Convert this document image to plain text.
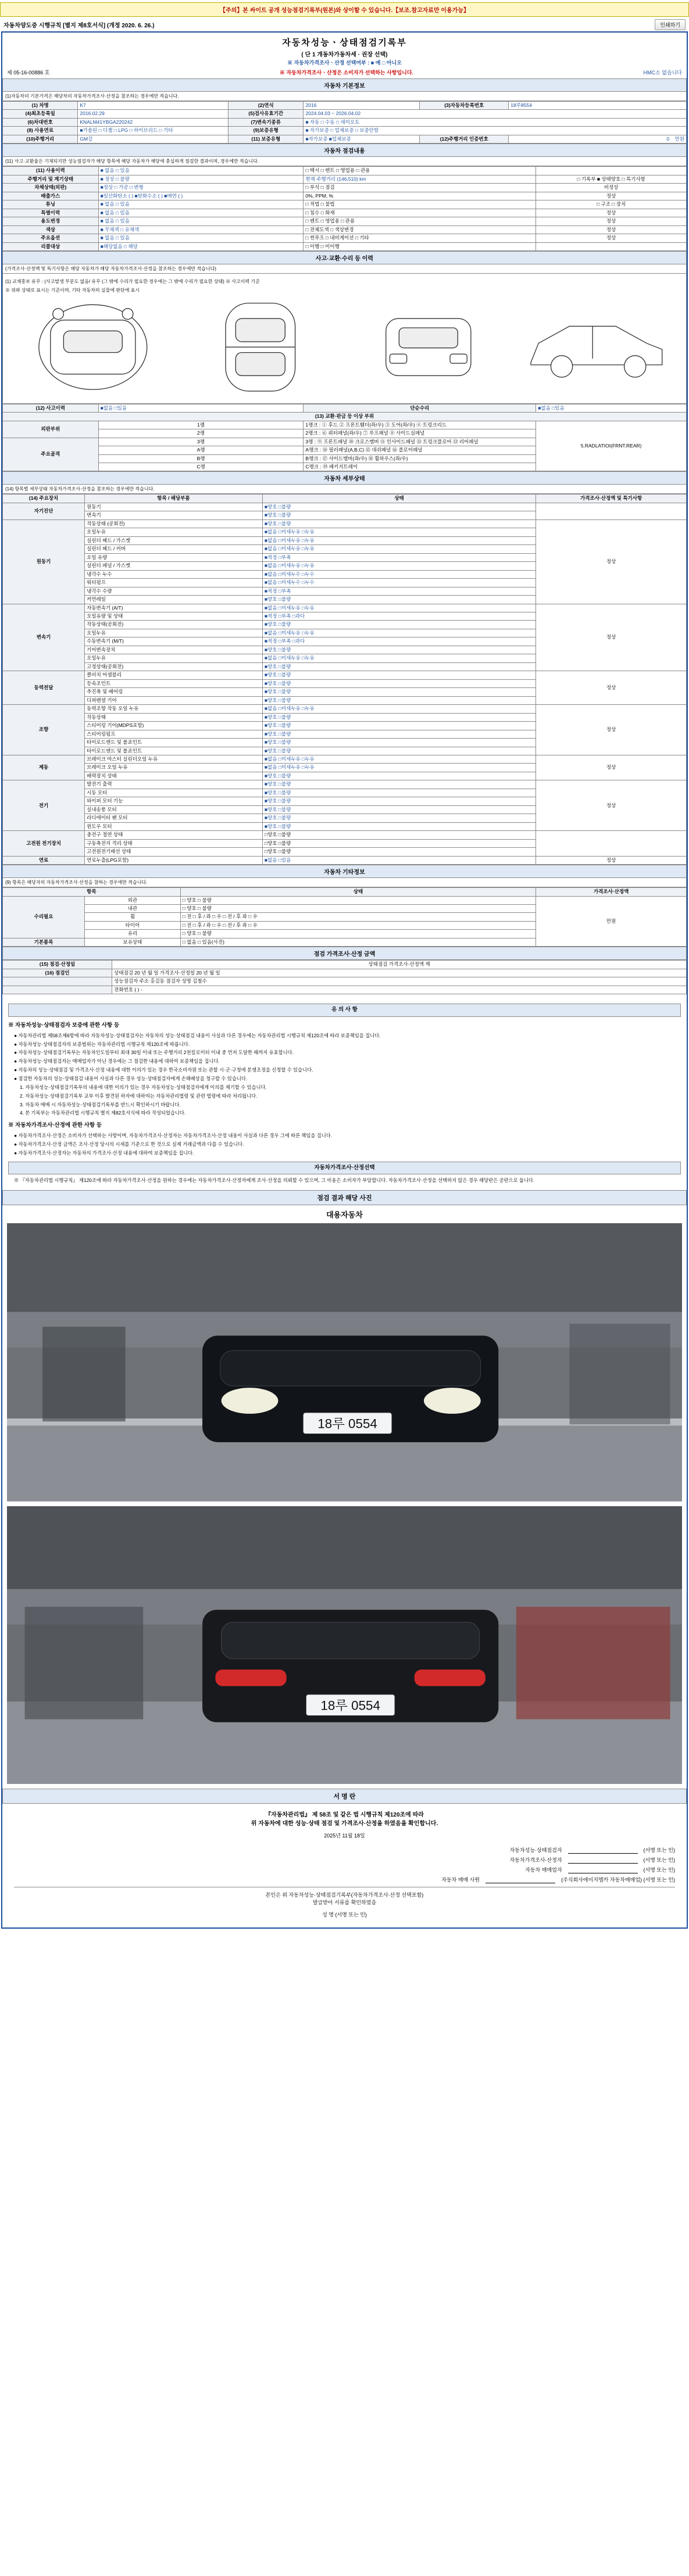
【주의】본 싸이트 공개 성능점검기록부(원본)와 상이할 수 있습니다.【보조.참고자료만 이용가능】
자동차양도증 시행규칙 [별지 제8호서식] (개정 2020. 6. 26.)	인쇄하기
자동차성능ㆍ상태점검기록부
( 단 1 개동차가동차세 · 권장 선택)
※ 자동차가격조사ㆍ산정 선택여부 : ■ 예 □ 아니오
제 05-16-00886 호	※ 자동차가격조사ㆍ산정은 소비자가 선택하는 사항입니다.	HMC소 없습니다
자동차 기본정보
(1)자동차의 기본가격은 해당차의 자동차가격조사·산정을 참조하는 경우에만 적습니다.
(1) 차명	K7	(2)연식	2016	(3)자동차등록번호	18루8554
(4)최초등록일	2016.02.29	(5)검사유효기간	2024.04.03 ~ 2026.04.02		
(6)차대번호	KNALM41YBGA220242	(7)변속기종류	■ 자동 □ 수동 □ 세미오토		
(8) 사용연료	■가솔린 □ 디젤 □ LPG □ 하이브리드 □ 기타	(9)보증유형	■ 자가보증 □ 업체보증 □ 보증안함		
(10)주행거리	GM강	(11) 보증유형	■자가보증 ■업체보증	(12)주행거리 인증번호	0 만원
자동차 점검내용
(11) 사고·교환율은 기재되지만 성능점검자가 해당 항목에 해당 자동차가 해당에 충실하게 점검한 결과이며, 경우에만 적습니다.
(11) 사용이력	■ 없음 □ 있음	□ 택시 □ 렌트 □ 영업용 □ 관용	
주행거리 및 계기상태	■ 정상 □ 불량	현재 주행거리 (146,510) km	□ 기록부 ■ 상태양호 □ 특기사항
차체상태(외판)	■정상 □ 가공 □ 변형	□ 부식 □ 점검	비정상
배출가스	■일산화탄소 ( ) ■탄화수소 ( ) ■매연 ( )	0%, PPM, %	정상
튜닝	■ 없음 □ 있음	□ 적법 □ 불법	□ 구조 □ 장치
특별이력	■ 없음 □ 있음	□ 침수 □ 화재	정상
용도변경	■ 없음 □ 있음	□ 렌트 □ 영업용 □ 관용	정상
색상	■ 무채색 □ 유채색	□ 전체도색 □ 색상변경	정상
주요옵션	■ 없음 □ 있음	□ 썬루프 □ 내비게이션 □ 기타	정상
리콜대상	■해당없음 □ 해당	□ 이행 □ 미이행	
사고·교환·수리 등 이력
(가격조사·산정액 및 특기사항은 해당 자동차가 해당 자동차가격조사·산정을 참조하는 경우에만 적습니다)
(1) 교체홍보 유무 : (사고발생 부분도 없음/ 유무 (그 밖에 수리가 필요한 경우에는 그 밖에 수리가 필요한 상태) ※ 사고이력 기준
※ 위와 상태로 표시는 기준이며, 기타 자동차의 실물에 판단에 표시
(12) 사고이력	■없음 □있음	단순수리	■없음 □있음
(13) 교환·판금 등 이상 부위			
외판부위	1램	1랭크 : ① 후드 ② 프론트휀더(좌/우) ③ 도어(좌/우) ④ 트렁크리드	5.RADLATIOI(FRNT.REAR)
	2랭	2랭크 : ⑥ 쿼터패널(좌/우) ⑦ 루프패널 ⑧ 사이드실패널	
주요골격	3랭	3랭 : ⑨ 프론트패널 ⑩ 크로스멤버 ⑪ 인사이드패널 ⑫ 트렁크플로어 ⑬ 리어패널	
	A랭	A랭크 : ⑭ 필러패널(A,B,C) ⑮ 대쉬패널 ⑯ 플로어패널	
	B랭	B랭크 : ⑰ 사이드멤버(좌/우) ⑱ 휠하우스(좌/우)	
	C랭	C랭크 : ⑲ 패키지트레이	
자동차 세부상태
(14) 항목별 세부상태 자동차가격조사·산정을 참조하는 경우에만 적습니다.
(14) 주요장치	항목 / 해당부품	상태	가격조사·산정액 및 특기사항
자기진단	원동기	■양호 □불량	
	변속기	■양호 □불량	
원동기	작동상태 (공회전)	■양호 □불량	정상
	오일누유	■없음 □미세누유 □누유	
	실린더 헤드 / 가스켓	■없음 □미세누유 □누유	
	실린더 헤드 / 커버	■없음 □미세누유 □누유	
	오일 유량	■적정 □부족	
	실린더 패널 / 가스켓	■없음 □미세누유 □누유	
	냉각수 누수	■없음 □미세누수 □누수	
	워터펌프	■없음 □미세누수 □누수	
	냉각수 수량	■적정 □부족	
	커먼레일	■양호 □불량	
변속기	자동변속기 (A/T)	■없음 □미세누유 □누유	정상
	오일유량 및 상태	■적정 □부족 □과다	
	작동상태(공회전)	■양호 □불량	
	오일누유	■없음 □미세누유 □누유	
	수동변속기 (M/T)	■적정 □부족 □과다	
	기어변속장치	■양호 □불량	
	오일누유	■없음 □미세누유 □누유	
	고정상태(공회전)	■양호 □불량	
동력전달	클러치 어셈블리	■양호 □불량	정상
	등속조인트	■양호 □불량	
	추진축 및 베어링	■양호 □불량	
	디퍼렌셜 기어	■양호 □불량	
조향	동력조향 작동 오일 누유	■없음 □미세누유 □누유	정상
	작동상태	■양호 □불량	
	스티어링 기어(MDPS포함)	■양호 □불량	
	스티어링펌프	■양호 □불량	
	타이로드엔드 및 볼죠인트	■양호 □불량	
	타이로드엔드 및 볼죠인트	■양호 □불량	
제동	브레이크 마스터 실린더오일 누유	■없음 □미세누유 □누유	정상
	브레이크 오일 누유	■없음 □미세누유 □누유	
	배력장치 상태	■양호 □불량	
전기	발전기 출력	■양호 □불량	정상
	시동 모터	■양호 □불량	
	와이퍼 모터 기능	■양호 □불량	
	실내송풍 모터	■양호 □불량	
	라디에이터 팬 모터	■양호 □불량	
	윈도우 모터	■양호 □불량	
고전원 전기장치	충전구 절연 상태	□양호 □불량	
	구동축전지 격리 상태	□양호 □불량	
	고전원전기배선 상태	□양호 □불량	
연료	연료누출(LPG포함)	■없음 □있음	정상
자동차 기타정보
(9) 항목은 해당자의 자동차가격조사·산정을 참하는 경우에만 적습니다.
항목		상태	가격조사·산정액
수리필요	외관	□ 양호 □ 불량	만원
	내관	□ 양호 □ 불량	
	휠	□ 전 □ 후 / 좌 □ 우 □ 전 / 후 좌 □ 우	
	타이어	□ 전 □ 후 / 좌 □ 우 □ 전 / 후 좌 □ 우	
	유리	□ 양호 □ 불량	
기본품목	보유상태	□ 없음 □ 있음(사진)	
점검 가격조사·산정 금액
(15) 점검·산정일	상태점검 가격조사·산정액 계
(16) 점검인	상태점검 20 년 월 일 가격조사·산정일 20 년 월 일
	성능점검자 주소 홍길동 점검자 성명 김철수
	전화번호 ( ) -
유 의 사 항
※ 자동차성능·상태점검자 보증에 관한 사항 등

● 자동차관리법 제58조제6항에 따라 자동차성능·상태점검자는 자동차의 성능·상태점검 내용이 사실과 다른 경우에는 자동차관리법 시행규칙 제120조에 따라 보증책임을 집니다.

● 자동차성능·상태점검자의 보증범위는 자동차관리법 시행규칙 제120조에 따릅니다.

● 자동차성능·상태점검기록부는 자동차인도일부터 최대 30일 이내 또는 주행거리 2천킬로미터 이내 중 먼저 도달한 때까지 유효합니다.

● 자동차성능·상태점검자는 매매업자가 아닌 경우에는 그 점검한 내용에 대하여 보증책임을 집니다.

● 자동차의 성능·상태점검 및 가격조사·산정 내용에 대한 이의가 있는 경우 한국소비자원 또는 관할 시·군·구청에 분쟁조정을 신청할 수 있습니다.

● 점검한 자동차의 성능·상태점검 내용이 사실과 다른 경우 성능·상태점검자에게 손해배상을 청구할 수 있습니다.

1. 자동차성능·상태점검기록부의 내용에 대한 이의가 있는 경우 자동차성능·상태점검자에게 이의를 제기할 수 있습니다.

2. 자동차성능·상태점검기록부 교부 이후 발견된 하자에 대하여는 자동차관리법령 및 관련 법령에 따라 처리됩니다.

3. 자동차 매매 시 자동차성능·상태점검기록부를 반드시 확인하시기 바랍니다.

4. 본 기록부는 자동차관리법 시행규칙 별지 제82호서식에 따라 작성되었습니다.

※ 자동차가격조사·산정에 관한 사항 등

● 자동차가격조사·산정은 소비자가 선택하는 사항이며, 자동차가격조사·산정자는 자동차가격조사·산정 내용이 사실과 다른 경우 그에 따른 책임을 집니다.

● 자동차가격조사·산정 금액은 조사·산정 당시의 시세를 기준으로 한 것으로 실제 거래금액과 다를 수 있습니다.

● 자동차가격조사·산정자는 자동차의 가격조사·산정 내용에 대하여 보증책임을 집니다.

자동차가격조사·산정선택

※ 『자동차관리법 시행규칙』 제120조에 따라 자동차가격조사·산정을 원하는 경우에는 자동차가격조사·산정자에게 조사·산정을 의뢰할 수 있으며, 그 비용은 소비자가 부담합니다. 자동차가격조사·산정을 선택하지 않은 경우 해당란은 공란으로 둡니다.

점검 결과 해당 사진
대용자동차
18루 0554
18루 0554
서 명 란
『자동차관리법』 제 58조 및 같은 법 시행규칙 제120조에 따라
위 자동차에 대한 성능·상태 점검 및 가격조사·산정을 하였음을 확인합니다.
2025년 11월 18일
자동차성능·상태점검자	(서명 또는 인)
자동차가격조사·산정자	(서명 또는 인)
자동차 매매업자	(서명 또는 인)
자동차 매매 사원	(주식회사에이지엠카 자동차매매업) (서명 또는 인)
본인은 위 자동차성능·상태점검기록부(자동차가격조사·산정 선택포함)
발급받아 서류를 확인하였음
성 명 (서명 또는 인)
